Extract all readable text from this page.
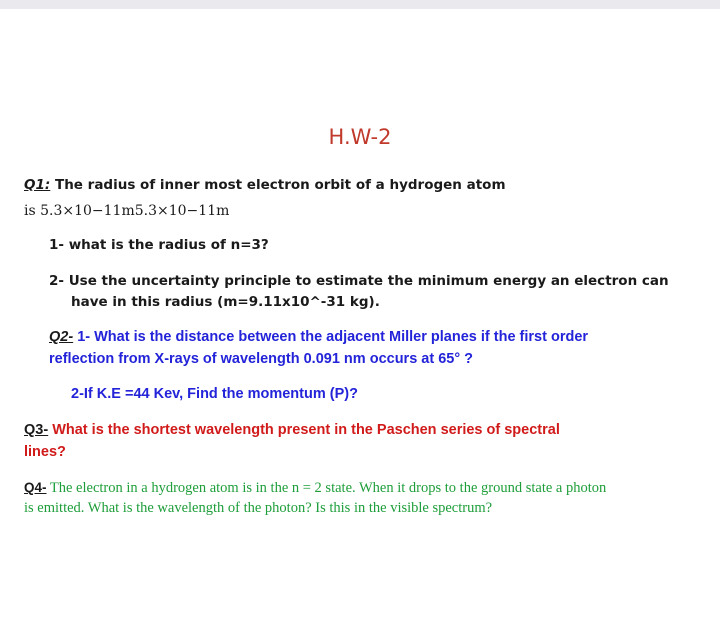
H.W-2
Q1: The radius of inner most electron orbit of a hydrogen atom
is 5.3×10−11m5.3×10−11m
1- what is the radius of n=3?
2- Use the uncertainty principle to estimate the minimum energy an electron can
have in this radius (m=9.11x10^-31 kg).
Q2- 1- What is the distance between the adjacent Miller planes if the first order
reflection from X-rays of wavelength 0.091 nm occurs at 65° ?
2-If K.E =44 Kev, Find the momentum (P)?
Q3- What is the shortest wavelength present in the Paschen series of spectral
lines?
Q4- The electron in a hydrogen atom is in the n = 2 state. When it drops to the ground state a photon
is emitted. What is the wavelength of the photon? Is this in the visible spectrum?
